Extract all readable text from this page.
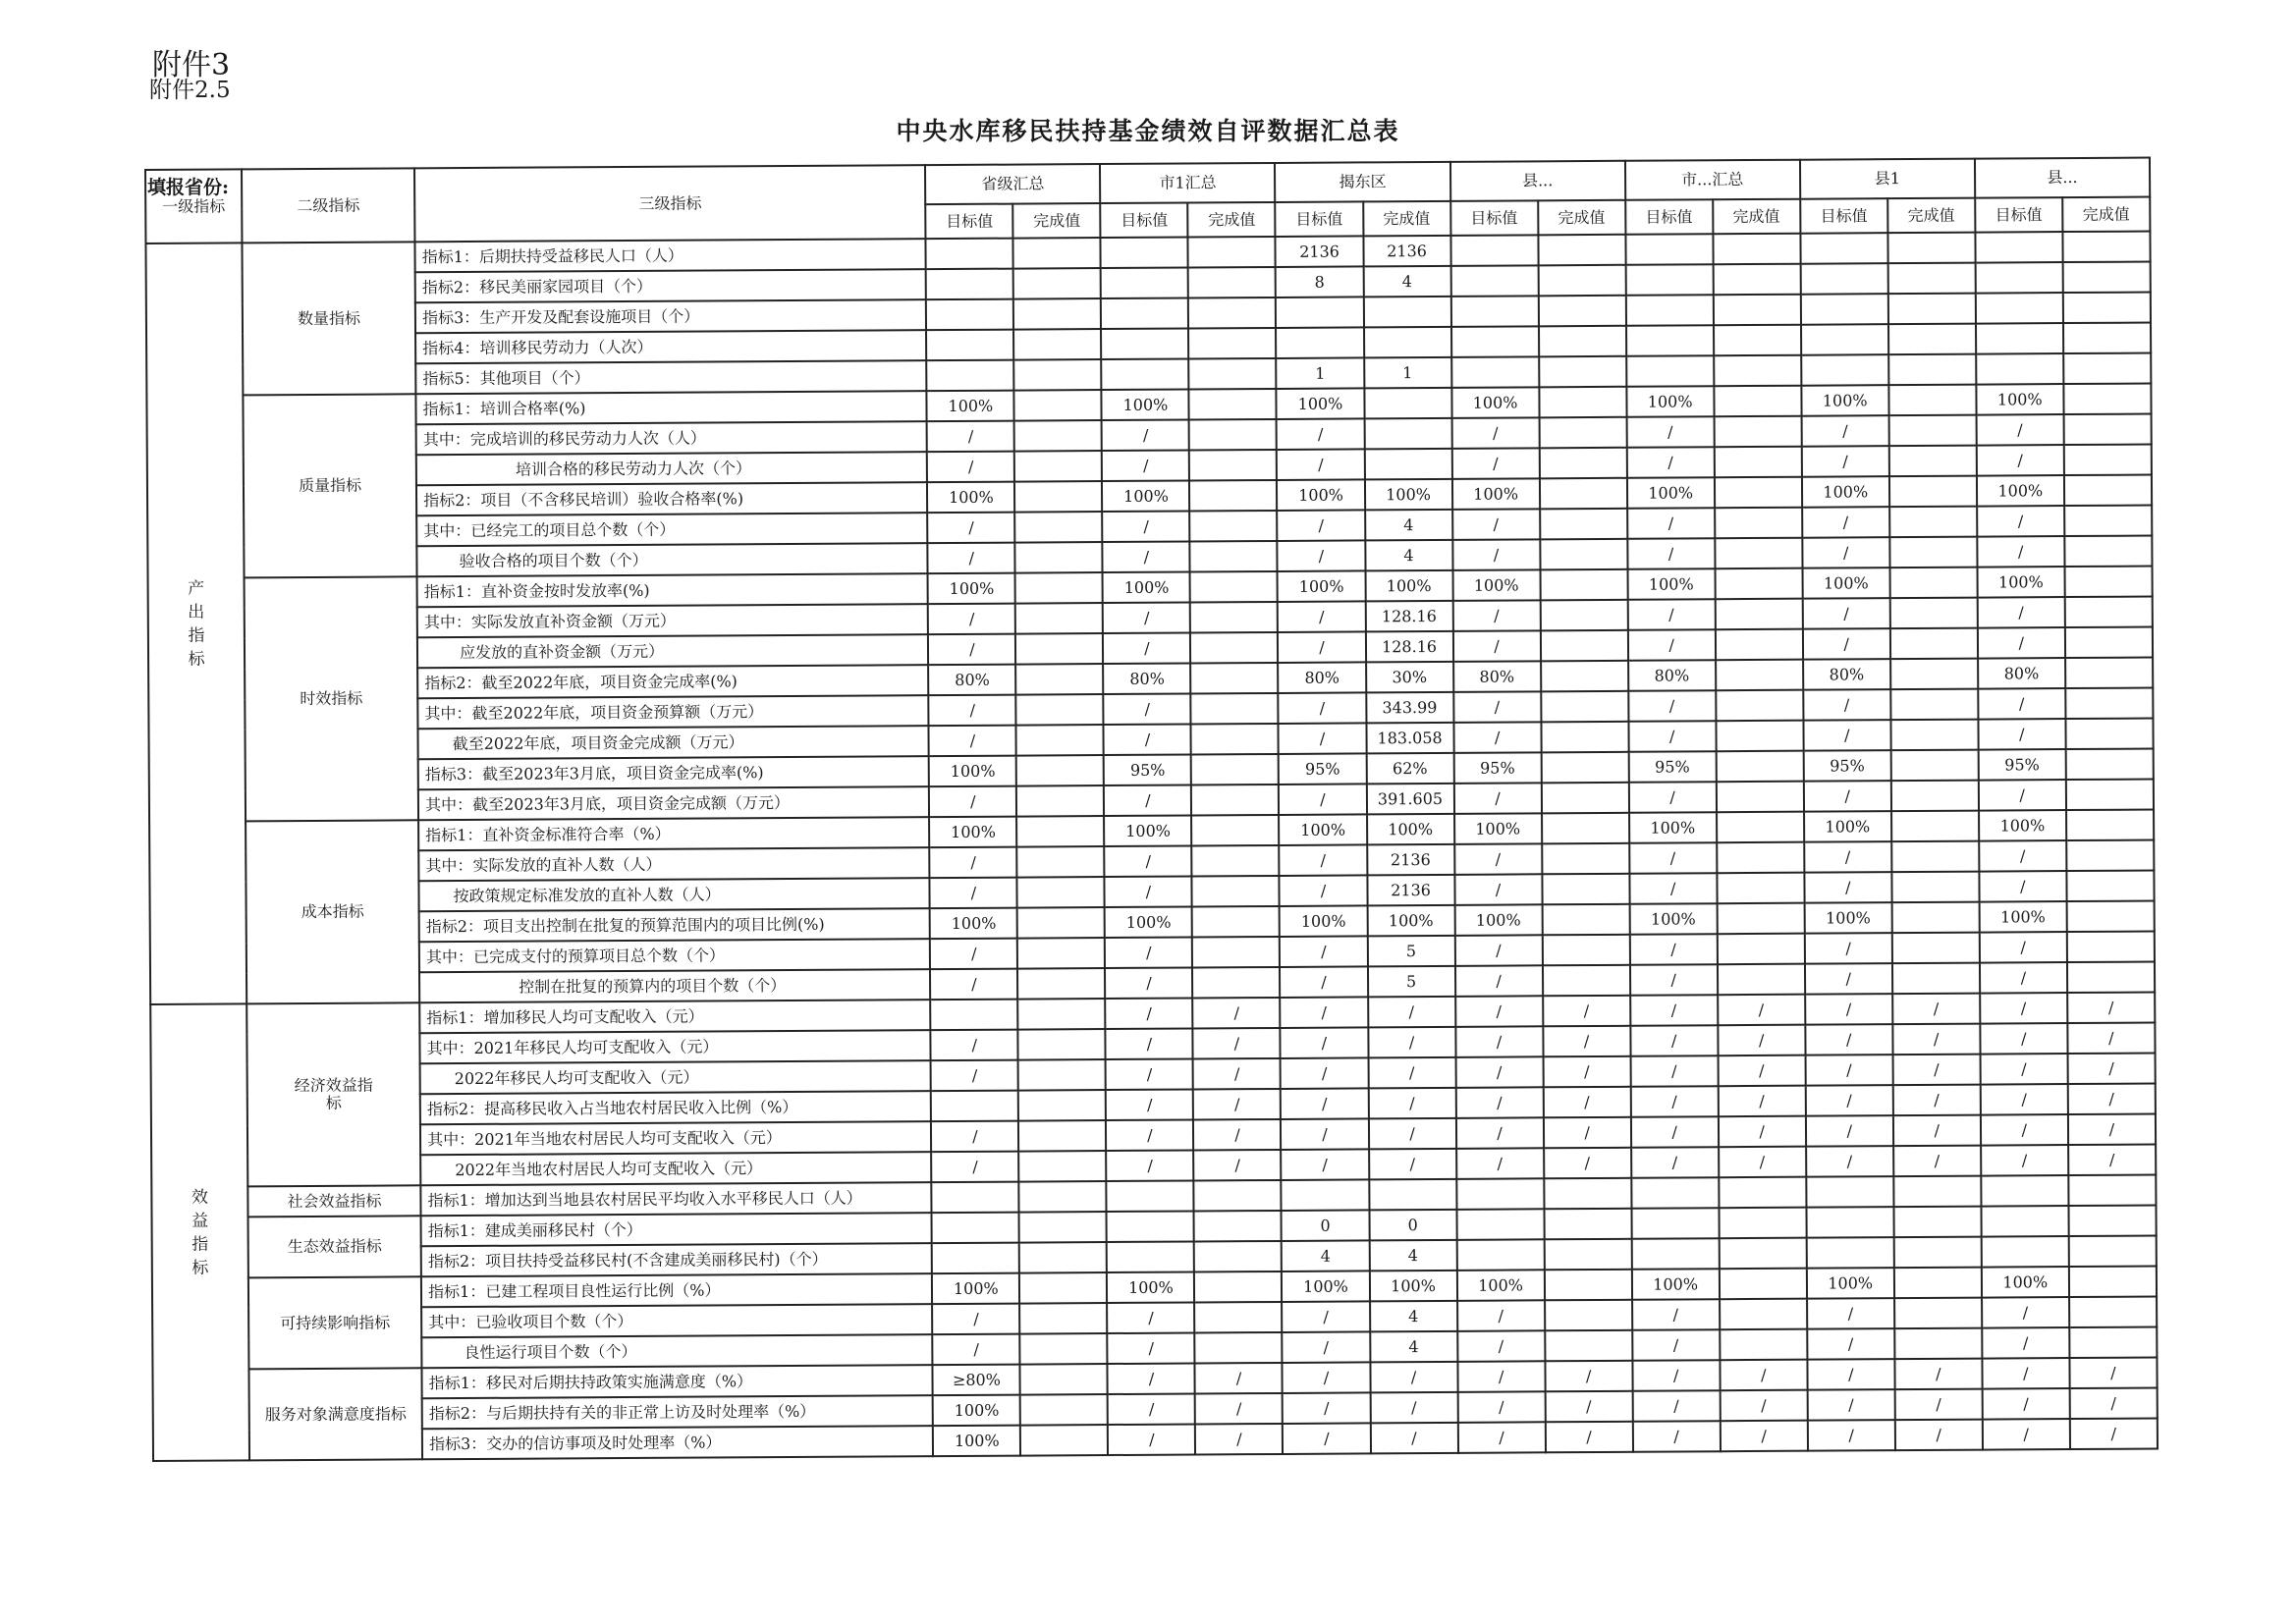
附件3
附件2.5
中央水库移民扶持基金绩效自评数据汇总表
一级指标	二级指标	三级指标	省级汇总		市1汇总		揭东区		县...		市...汇总		县1		县...	
			目标值	完成值	目标值	完成值	目标值	完成值	目标值	完成值	目标值	完成值	目标值	完成值	目标值	完成值
产
出
指
标	数量指标	指标1：后期扶持受益移民人口（人）					2136	2136								
		指标2：移民美丽家园项目（个）					8	4								
		指标3：生产开发及配套设施项目（个）														
		指标4：培训移民劳动力（人次）														
		指标5：其他项目（个）					1	1								
	质量指标	指标1：培训合格率(%)	100%		100%		100%		100%		100%		100%		100%	
		其中：完成培训的移民劳动力人次（人）	/		/		/		/		/		/		/	
		培训合格的移民劳动力人次（个）	/		/		/		/		/		/		/	
		指标2：项目（不含移民培训）验收合格率(%)	100%		100%		100%	100%	100%		100%		100%		100%	
		其中：已经完工的项目总个数（个）	/		/		/	4	/		/		/		/	
		验收合格的项目个数（个）	/		/		/	4	/		/		/		/	
	时效指标	指标1：直补资金按时发放率(%)	100%		100%		100%	100%	100%		100%		100%		100%	
		其中：实际发放直补资金额（万元）	/		/		/	128.16	/		/		/		/	
		应发放的直补资金额（万元）	/		/		/	128.16	/		/		/		/	
		指标2：截至2022年底，项目资金完成率(%)	80%		80%		80%	30%	80%		80%		80%		80%	
		其中：截至2022年底，项目资金预算额（万元）	/		/		/	343.99	/		/		/		/	
		截至2022年底，项目资金完成额（万元）	/		/		/	183.058	/		/		/		/	
		指标3：截至2023年3月底，项目资金完成率(%)	100%		95%		95%	62%	95%		95%		95%		95%	
		其中：截至2023年3月底，项目资金完成额（万元）	/		/		/	391.605	/		/		/		/	
	成本指标	指标1：直补资金标准符合率（%）	100%		100%		100%	100%	100%		100%		100%		100%	
		其中：实际发放的直补人数（人）	/		/		/	2136	/		/		/		/	
		按政策规定标准发放的直补人数（人）	/		/		/	2136	/		/		/		/	
		指标2：项目支出控制在批复的预算范围内的项目比例(%)	100%		100%		100%	100%	100%		100%		100%		100%	
		其中：已完成支付的预算项目总个数（个）	/		/		/	5	/		/		/		/	
		控制在批复的预算内的项目个数（个）	/		/		/	5	/		/		/		/	
效
益
指
标	经济效益指标	指标1：增加移民人均可支配收入（元）			/	/	/	/	/	/	/	/	/	/	/	/
		其中：2021年移民人均可支配收入（元）	/		/	/	/	/	/	/	/	/	/	/	/	/
		2022年移民人均可支配收入（元）	/		/	/	/	/	/	/	/	/	/	/	/	/
		指标2：提高移民收入占当地农村居民收入比例（%）			/	/	/	/	/	/	/	/	/	/	/	/
		其中：2021年当地农村居民人均可支配收入（元）	/		/	/	/	/	/	/	/	/	/	/	/	/
		2022年当地农村居民人均可支配收入（元）	/		/	/	/	/	/	/	/	/	/	/	/	/
	社会效益指标	指标1：增加达到当地县农村居民平均收入水平移民人口（人）														
	生态效益指标	指标1：建成美丽移民村（个）					0	0								
		指标2：项目扶持受益移民村(不含建成美丽移民村)（个）					4	4								
	可持续影响指标	指标1：已建工程项目良性运行比例（%）	100%		100%		100%	100%	100%		100%		100%		100%	
		其中：已验收项目个数（个）	/		/		/	4	/		/		/		/	
		良性运行项目个数（个）	/		/		/	4	/		/		/		/	
	服务对象满意度指标	指标1：移民对后期扶持政策实施满意度（%）	≥80%		/	/	/	/	/	/	/	/	/	/	/	/
		指标2：与后期扶持有关的非正常上访及时处理率（%）	100%		/	/	/	/	/	/	/	/	/	/	/	/
		指标3：交办的信访事项及时处理率（%）	100%		/	/	/	/	/	/	/	/	/	/	/	/
填报省份:
